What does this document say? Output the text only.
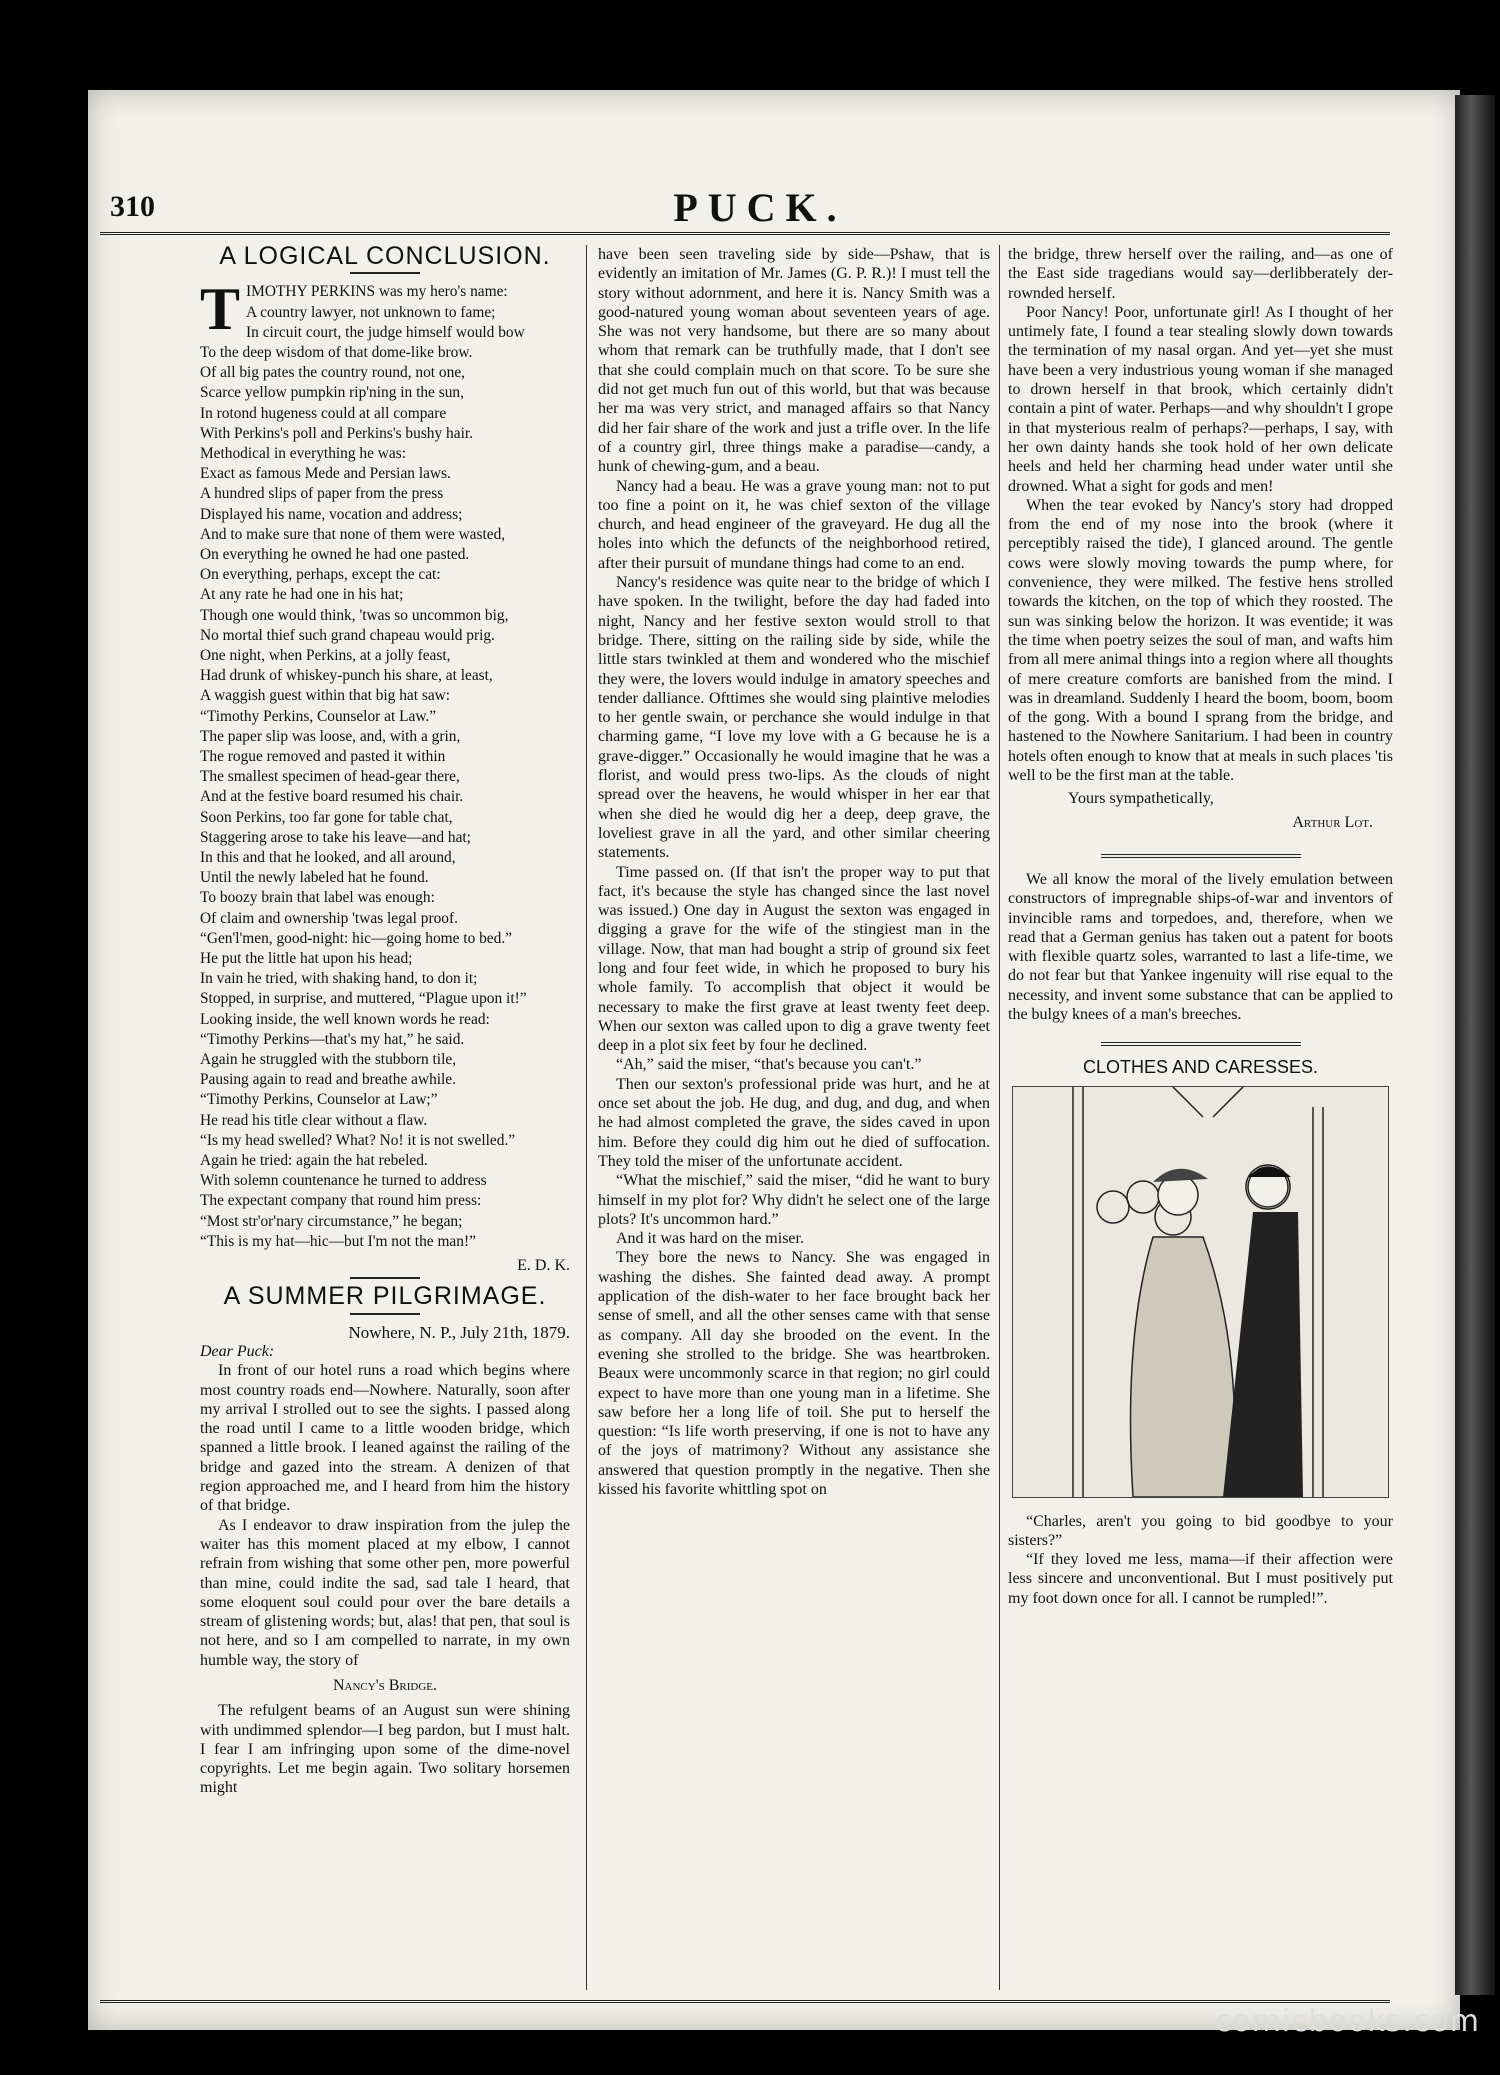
310	PUCK.
A LOGICAL CONCLUSION.
T IMOTHY PERKINS was my hero's name:
A country lawyer, not unknown to fame;
In circuit court, the judge himself would bow
To the deep wisdom of that dome-like brow.
Of all big pates the country round, not one,
Scarce yellow pumpkin rip'ning in the sun,
In rotond hugeness could at all compare
With Perkins's poll and Perkins's bushy hair.
Methodical in everything he was:
Exact as famous Mede and Persian laws.
A hundred slips of paper from the press
Displayed his name, vocation and address;
And to make sure that none of them were wasted,
On everything he owned he had one pasted.
On everything, perhaps, except the cat:
At any rate he had one in his hat;
Though one would think, 'twas so uncommon big,
No mortal thief such grand chapeau would prig.
One night, when Perkins, at a jolly feast,
Had drunk of whiskey-punch his share, at least,
A waggish guest within that big hat saw:
“Timothy Perkins, Counselor at Law.”
The paper slip was loose, and, with a grin,
The rogue removed and pasted it within
The smallest specimen of head-gear there,
And at the festive board resumed his chair.
Soon Perkins, too far gone for table chat,
Staggering arose to take his leave—and hat;
In this and that he looked, and all around,
Until the newly labeled hat he found.
To boozy brain that label was enough:
Of claim and ownership 'twas legal proof.
“Gen'l'men, good-night: hic—going home to bed.”
He put the little hat upon his head;
In vain he tried, with shaking hand, to don it;
Stopped, in surprise, and muttered, “Plague upon it!”
Looking inside, the well known words he read:
“Timothy Perkins—that's my hat,” he said.
Again he struggled with the stubborn tile,
Pausing again to read and breathe awhile.
“Timothy Perkins, Counselor at Law;”
He read his title clear without a flaw.
“Is my head swelled? What? No! it is not swelled.”
Again he tried: again the hat rebeled.
With solemn countenance he turned to address
The expectant company that round him press:
“Most str'or'nary circumstance,” he began;
“This is my hat—hic—but I'm not the man!”
E. D. K.
A SUMMER PILGRIMAGE.
Nowhere, N. P., July 21th, 1879.

Dear Puck:

In front of our hotel runs a road which begins where most country roads end—Nowhere. Naturally, soon after my arrival I strolled out to see the sights. I passed along the road until I came to a little wooden bridge, which spanned a little brook. I leaned against the railing of the bridge and gazed into the stream. A denizen of that region approached me, and I heard from him the history of that bridge.

As I endeavor to draw inspiration from the julep the waiter has this moment placed at my elbow, I cannot refrain from wishing that some other pen, more powerful than mine, could indite the sad, sad tale I heard, that some eloquent soul could pour over the bare details a stream of glistening words; but, alas! that pen, that soul is not here, and so I am compelled to narrate, in my own humble way, the story of

Nancy's Bridge.

The refulgent beams of an August sun were shining with undimmed splendor—I beg pardon, but I must halt. I fear I am infringing upon some of the dime-novel copyrights. Let me begin again. Two solitary horsemen might

have been seen traveling side by side—Pshaw, that is evidently an imitation of Mr. James (G. P. R.)! I must tell the story without adornment, and here it is. Nancy Smith was a good-natured young woman about seventeen years of age. She was not very handsome, but there are so many about whom that remark can be truthfully made, that I don't see that she could complain much on that score. To be sure she did not get much fun out of this world, but that was because her ma was very strict, and managed affairs so that Nancy did her fair share of the work and just a trifle over. In the life of a country girl, three things make a paradise—candy, a hunk of chewing-gum, and a beau.

Nancy had a beau. He was a grave young man: not to put too fine a point on it, he was chief sexton of the village church, and head engineer of the graveyard. He dug all the holes into which the defuncts of the neighborhood retired, after their pursuit of mundane things had come to an end.

Nancy's residence was quite near to the bridge of which I have spoken. In the twilight, before the day had faded into night, Nancy and her festive sexton would stroll to that bridge. There, sitting on the railing side by side, while the little stars twinkled at them and wondered who the mischief they were, the lovers would indulge in amatory speeches and tender dalliance. Ofttimes she would sing plaintive melodies to her gentle swain, or perchance she would indulge in that charming game, “I love my love with a G because he is a grave-digger.” Occasionally he would imagine that he was a florist, and would press two-lips. As the clouds of night spread over the heavens, he would whisper in her ear that when she died he would dig her a deep, deep grave, the loveliest grave in all the yard, and other similar cheering statements.

Time passed on. (If that isn't the proper way to put that fact, it's because the style has changed since the last novel was issued.) One day in August the sexton was engaged in digging a grave for the wife of the stingiest man in the village. Now, that man had bought a strip of ground six feet long and four feet wide, in which he proposed to bury his whole family. To accomplish that object it would be necessary to make the first grave at least twenty feet deep. When our sexton was called upon to dig a grave twenty feet deep in a plot six feet by four he declined.

“Ah,” said the miser, “that's because you can't.”

Then our sexton's professional pride was hurt, and he at once set about the job. He dug, and dug, and dug, and when he had almost completed the grave, the sides caved in upon him. Before they could dig him out he died of suffocation. They told the miser of the unfortunate accident.

“What the mischief,” said the miser, “did he want to bury himself in my plot for? Why didn't he select one of the large plots? It's uncommon hard.”

And it was hard on the miser.

They bore the news to Nancy. She was engaged in washing the dishes. She fainted dead away. A prompt application of the dish-water to her face brought back her sense of smell, and all the other senses came with that sense as company. All day she brooded on the event. In the evening she strolled to the bridge. She was heartbroken. Beaux were uncommonly scarce in that region; no girl could expect to have more than one young man in a lifetime. She saw before her a long life of toil. She put to herself the question: “Is life worth preserving, if one is not to have any of the joys of matrimony? Without any assistance she answered that question promptly in the negative. Then she kissed his favorite whittling spot on

the bridge, threw herself over the railing, and—as one of the East side tragedians would say—derlibberately der-rownded herself.

Poor Nancy! Poor, unfortunate girl! As I thought of her untimely fate, I found a tear stealing slowly down towards the termination of my nasal organ. And yet—yet she must have been a very industrious young woman if she managed to drown herself in that brook, which certainly didn't contain a pint of water. Perhaps—and why shouldn't I grope in that mysterious realm of perhaps?—perhaps, I say, with her own dainty hands she took hold of her own delicate heels and held her charming head under water until she drowned. What a sight for gods and men!

When the tear evoked by Nancy's story had dropped from the end of my nose into the brook (where it perceptibly raised the tide), I glanced around. The gentle cows were slowly moving towards the pump where, for convenience, they were milked. The festive hens strolled towards the kitchen, on the top of which they roosted. The sun was sinking below the horizon. It was eventide; it was the time when poetry seizes the soul of man, and wafts him from all mere animal things into a region where all thoughts of mere creature comforts are banished from the mind. I was in dreamland. Suddenly I heard the boom, boom, boom of the gong. With a bound I sprang from the bridge, and hastened to the Nowhere Sanitarium. I had been in country hotels often enough to know that at meals in such places 'tis well to be the first man at the table.

Yours sympathetically,

Arthur Lot.

We all know the moral of the lively emulation between constructors of impregnable ships-of-war and inventors of invincible rams and torpedoes, and, therefore, when we read that a German genius has taken out a patent for boots with flexible quartz soles, warranted to last a life-time, we do not fear but that Yankee ingenuity will rise equal to the necessity, and invent some substance that can be applied to the bulgy knees of a man's breeches.

CLOTHES AND CARESSES.

“Charles, aren't you going to bid goodbye to your sisters?”

“If they loved me less, mama—if their affection were less sincere and unconventional. But I must positively put my foot down once for all. I cannot be rumpled!”.

comicbooks.com
